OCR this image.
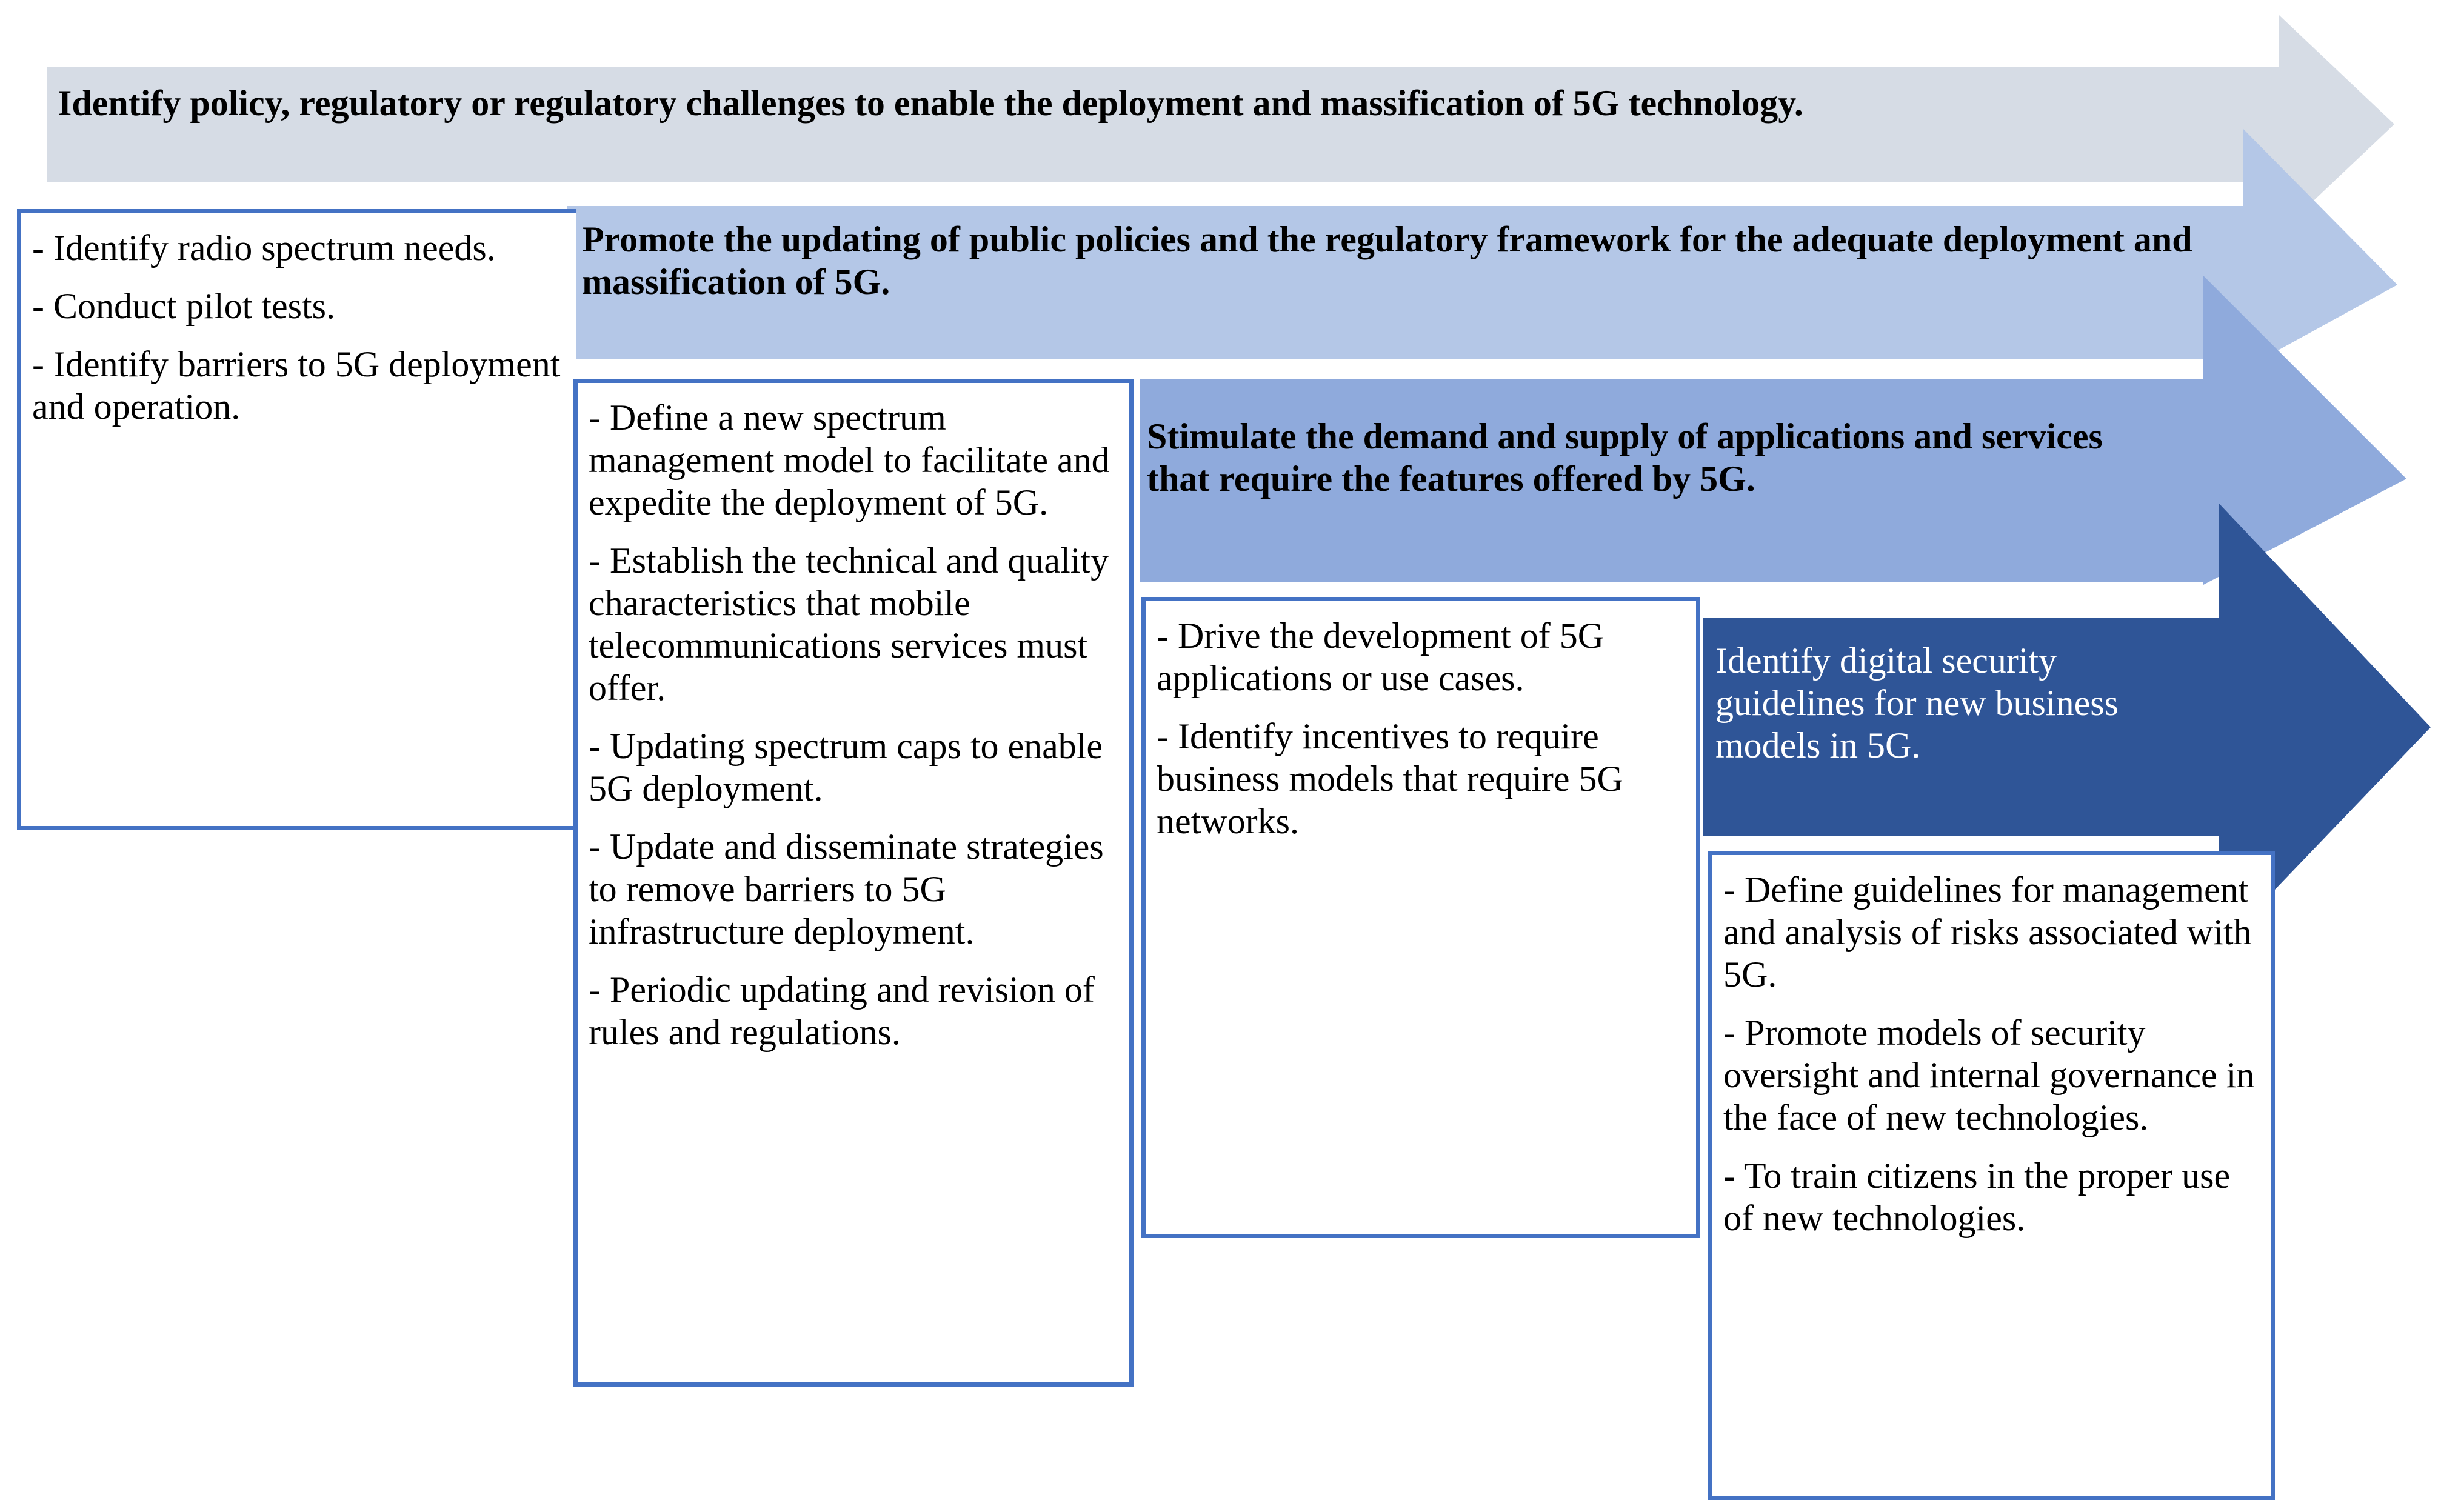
Identify policy, regulatory or regulatory challenges to enable the deployment and massification of 5G technology.
Promote the updating of public policies and the regulatory framework for the adequate deployment and massification of 5G.
Stimulate the demand and supply of applications and services that require the features offered by 5G.
Identify digital security guidelines for new business models in 5G.
- Identify radio spectrum needs.
- Conduct pilot tests.
- Identify barriers to 5G deployment and operation.	- Define a new spectrum management model to facilitate and expedite the deployment of 5G.
- Establish the technical and quality characteristics that mobile telecommunications services must offer.
- Updating spectrum caps to enable 5G deployment.
- Update and disseminate strategies to remove barriers to 5G infrastructure deployment.
- Periodic updating and revision of rules and regulations.
- Drive the development of 5G applications or use cases.
- Identify incentives to require business models that require 5G networks.
- Define guidelines for management and analysis of risks associated with 5G.
- Promote models of security oversight and internal governance in the face of new technologies.
- To train citizens in the proper use of new technologies.
